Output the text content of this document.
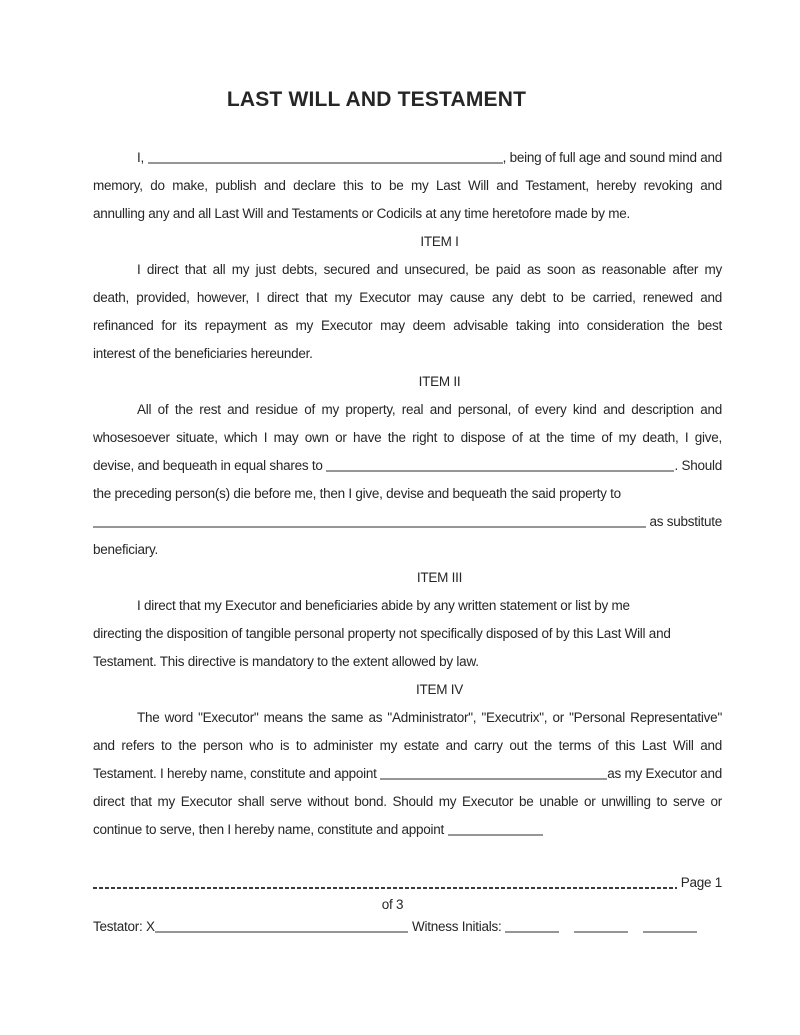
LAST WILL AND TESTAMENT
I,	, being of full age and sound mind and
memory, do make, publish and declare this to be my Last Will and Testament, hereby revoking and
annulling any and all Last Will and Testaments or Codicils at any time heretofore made by me.
ITEM I
I direct that all my just debts, secured and unsecured, be paid as soon as reasonable after my
death, provided, however, I direct that my Executor may cause any debt to be carried, renewed and
refinanced for its repayment as my Executor may deem advisable taking into consideration the best
interest of the beneficiaries hereunder.
ITEM II
All of the rest and residue of my property, real and personal, of every kind and description and
whosesoever situate, which I may own or have the right to dispose of at the time of my death, I give,
devise, and bequeath in equal shares to	. Should
the preceding person(s) die before me, then I give, devise and bequeath the said property to
as substitute
beneficiary.
ITEM III
I direct that my Executor and beneficiaries abide by any written statement or list by me
directing the disposition of tangible personal property not specifically disposed of by this Last Will and
Testament. This directive is mandatory to the extent allowed by law.
ITEM IV
The word "Executor" means the same as "Administrator", "Executrix", or "Personal Representative"
and refers to the person who is to administer my estate and carry out the terms of this Last Will and
Testament. I hereby name, constitute and appoint	as my Executor and
direct that my Executor shall serve without bond. Should my Executor be unable or unwilling to serve or
continue to serve, then I hereby name, constitute and appoint
Page 1
of 3
Testator: X	Witness Initials:
